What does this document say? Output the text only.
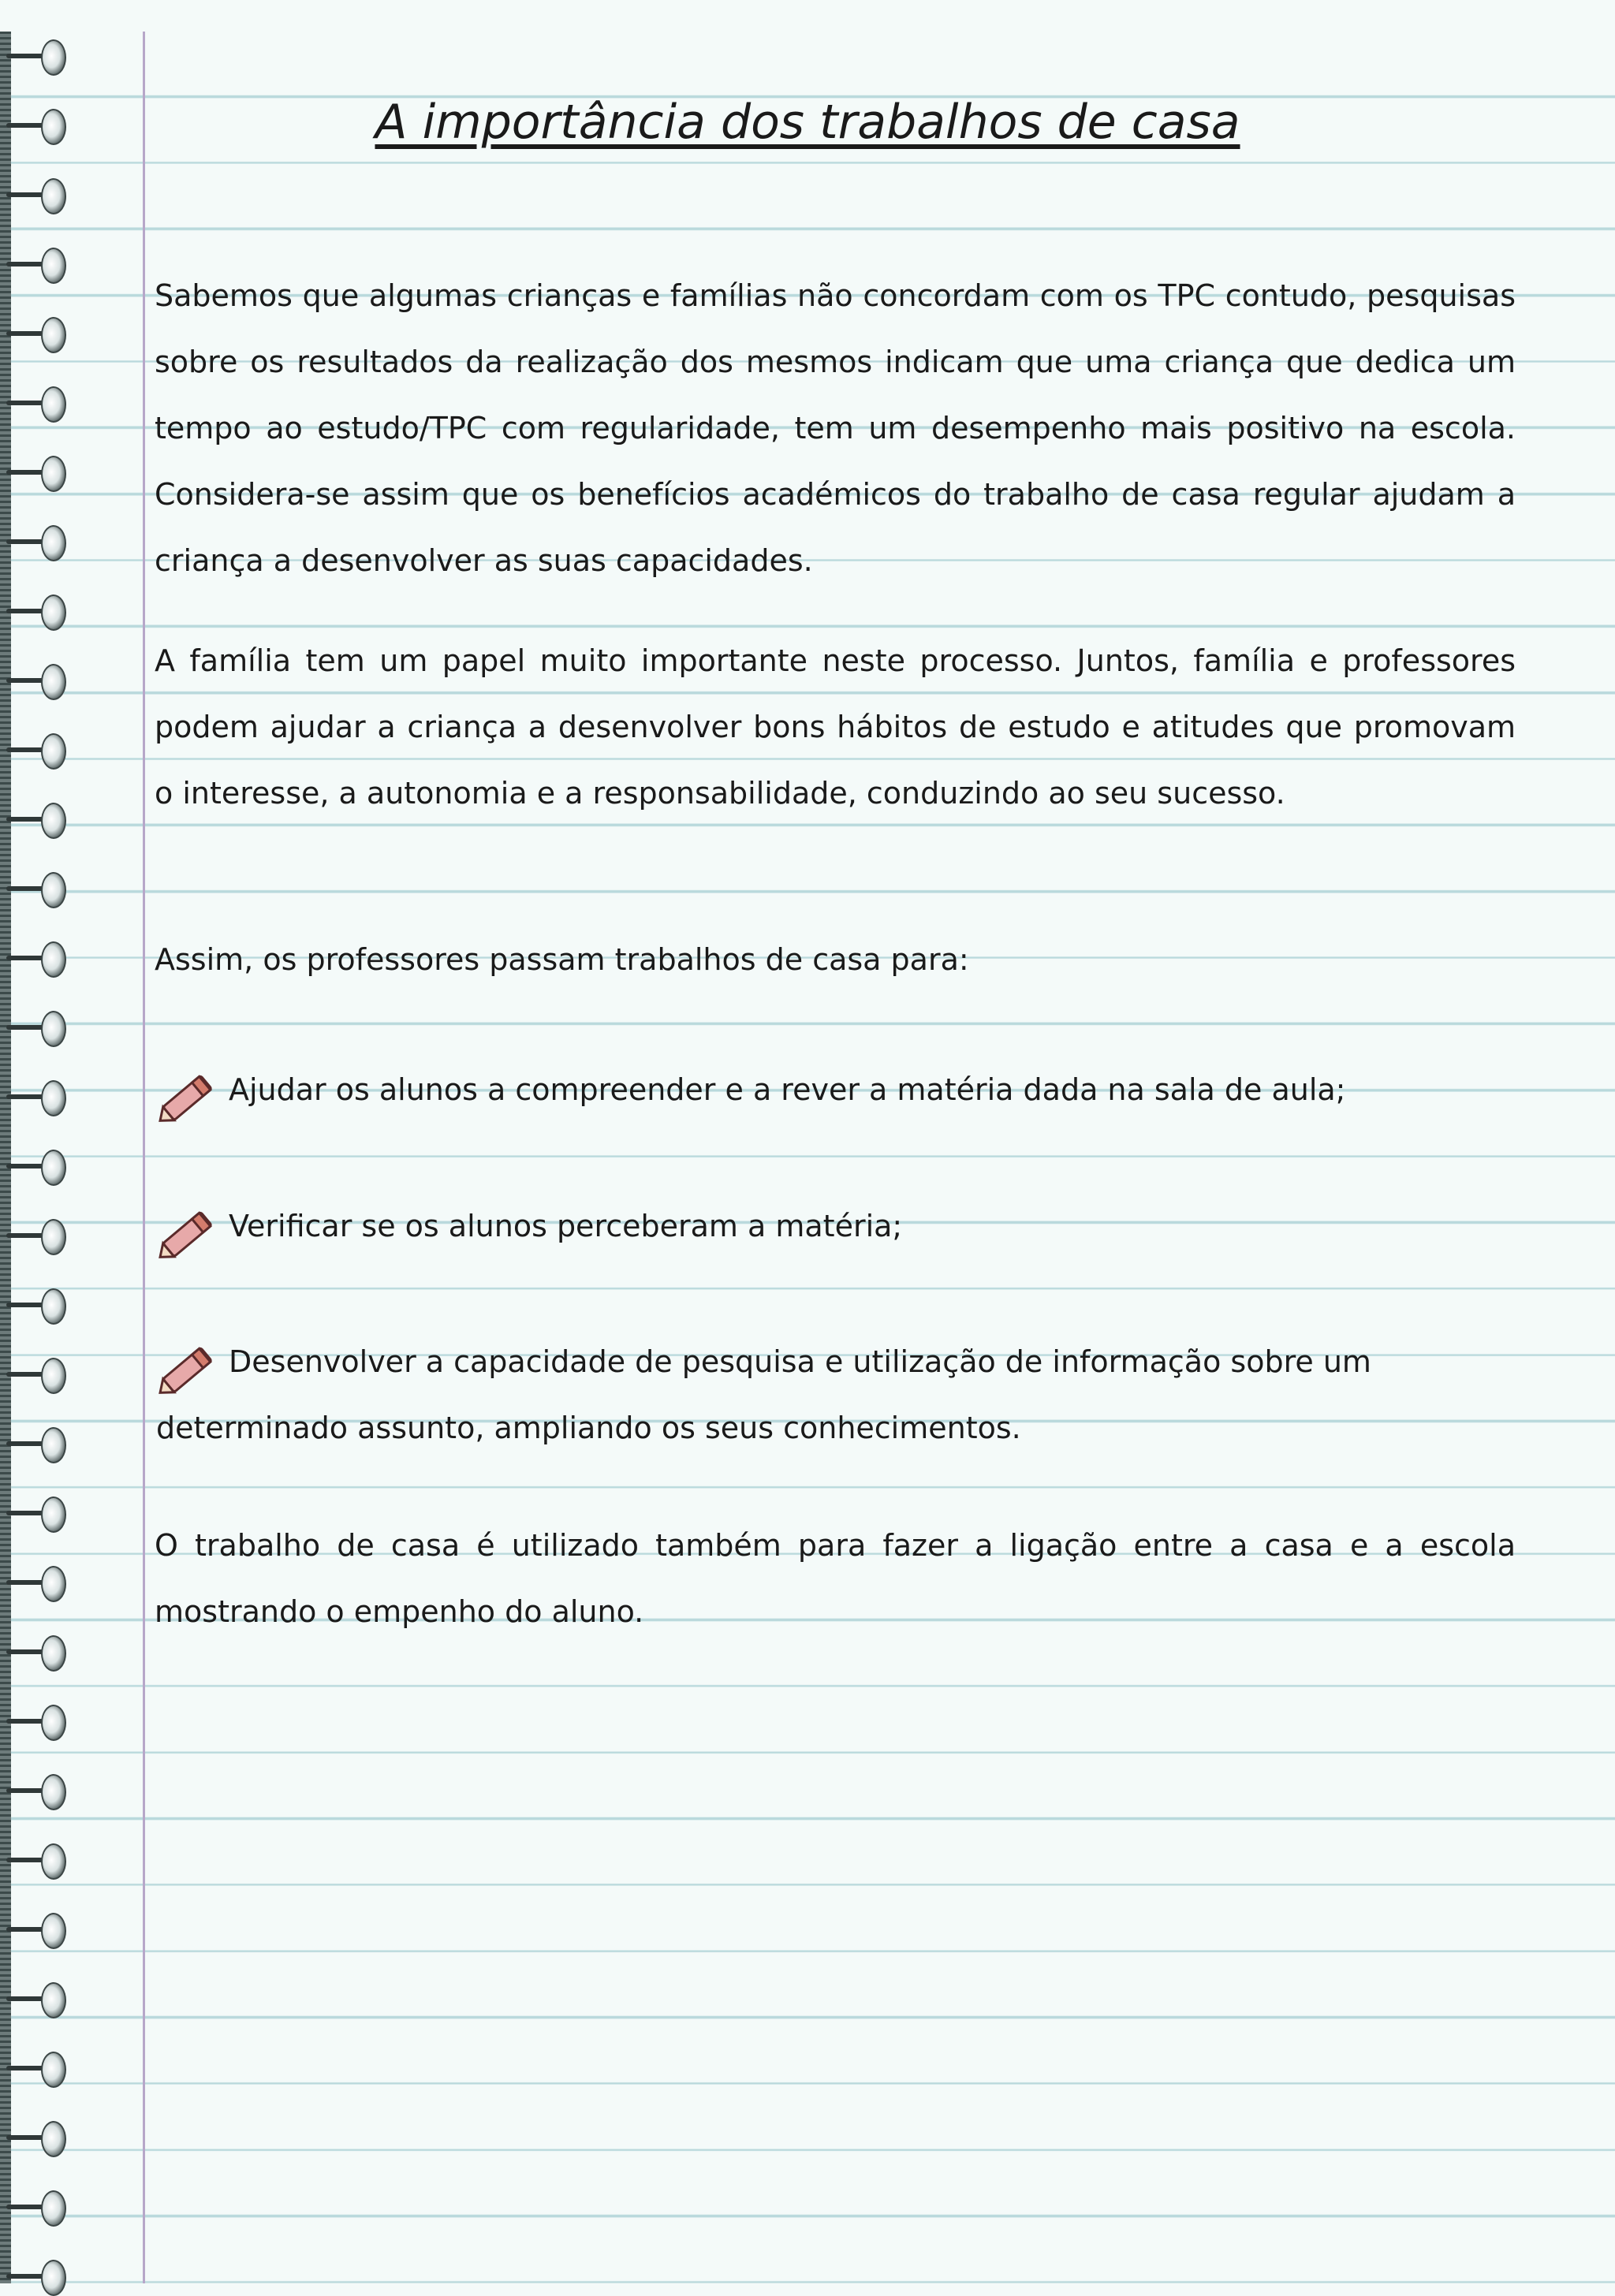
A importância dos trabalhos de casa

Sabemos que algumas crianças e famílias não concordam com os TPC contudo, pesquisas sobre os resultados da realização dos mesmos indicam que uma criança que dedica um tempo ao estudo/TPC com regularidade, tem um desempenho mais positivo na escola. Considera-se assim que os benefícios académicos do trabalho de casa regular ajudam a criança a desenvolver as suas capacidades.

A família tem um papel muito importante neste processo. Juntos, família e professores podem ajudar a criança a desenvolver bons hábitos de estudo e atitudes que promovam o interesse, a autonomia e a responsabilidade, conduzindo ao seu sucesso.

Assim, os professores passam trabalhos de casa para:

Ajudar os alunos a compreender e a rever a matéria dada na sala de aula;
Verificar se os alunos perceberam a matéria;
Desenvolver a capacidade de pesquisa e utilização de informação sobre um determinado assunto, ampliando os seus conhecimentos.

O trabalho de casa é utilizado também para fazer a ligação entre a casa e a escola mostrando o empenho do aluno.
